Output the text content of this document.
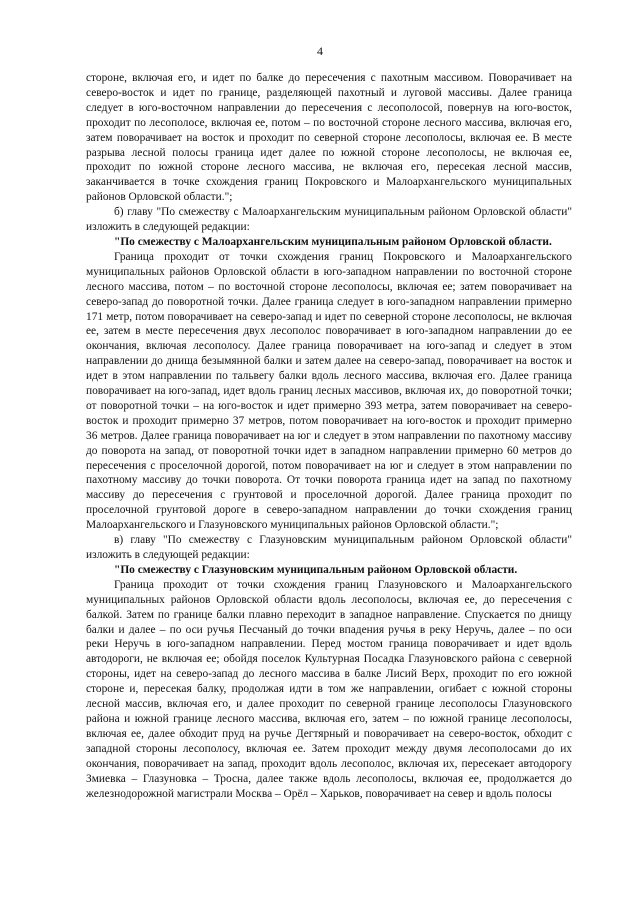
4

стороне, включая его, и идет по балке до пересечения с пахотным массивом. Поворачивает на северо-восток и идет по границе, разделяющей пахотный и луговой массивы. Далее граница следует в юго-восточном направлении до пересечения с лесополосой, повернув на юго-восток, проходит по лесополосе, включая ее, потом – по восточной стороне лесного массива, включая его, затем поворачивает на восток и проходит по северной стороне лесополосы, включая ее. В месте разрыва лесной полосы граница идет далее по южной стороне лесополосы, не включая ее, проходит по южной стороне лесного массива, не включая его, пересекая лесной массив, заканчивается в точке схождения границ Покровского и Малоархангельского муниципальных районов Орловской области.";

б) главу "По смежеству с Малоархангельским муниципальным районом Орловской области" изложить в следующей редакции:

"По смежеству с Малоархангельским муниципальным районом Орловской области.

Граница проходит от точки схождения границ Покровского и Малоархангельского муниципальных районов Орловской области в юго-западном направлении по восточной стороне лесного массива, потом – по восточной стороне лесополосы, включая ее; затем поворачивает на северо-запад до поворотной точки. Далее граница следует в юго-западном направлении примерно 171 метр, потом поворачивает на северо-запад и идет по северной стороне лесополосы, не включая ее, затем в месте пересечения двух лесополос поворачивает в юго-западном направлении до ее окончания, включая лесополосу. Далее граница поворачивает на юго-запад и следует в этом направлении до днища безымянной балки и затем далее на северо-запад, поворачивает на восток и идет в этом направлении по тальвегу балки вдоль лесного массива, включая его. Далее граница поворачивает на юго-запад, идет вдоль границ лесных массивов, включая их, до поворотной точки; от поворотной точки – на юго-восток и идет примерно 393 метра, затем поворачивает на северо-восток и проходит примерно 37 метров, потом поворачивает на юго-восток и проходит примерно 36 метров. Далее граница поворачивает на юг и следует в этом направлении по пахотному массиву до поворота на запад, от поворотной точки идет в западном направлении примерно 60 метров до пересечения с проселочной дорогой, потом поворачивает на юг и следует в этом направлении по пахотному массиву до точки поворота. От точки поворота граница идет на запад по пахотному массиву до пересечения с грунтовой и проселочной дорогой. Далее граница проходит по проселочной грунтовой дороге в северо-западном направлении до точки схождения границ Малоархангельского и Глазуновского муниципальных районов Орловской области.";

в) главу "По смежеству с Глазуновским муниципальным районом Орловской области" изложить в следующей редакции:

"По смежеству с Глазуновским муниципальным районом Орловской области.

Граница проходит от точки схождения границ Глазуновского и Малоархангельского муниципальных районов Орловской области вдоль лесополосы, включая ее, до пересечения с балкой. Затем по границе балки плавно переходит в западное направление. Спускается по днищу балки и далее – по оси ручья Песчаный до точки впадения ручья в реку Неручь, далее – по оси реки Неручь в юго-западном направлении. Перед мостом граница поворачивает и идет вдоль автодороги, не включая ее; обойдя поселок Культурная Посадка Глазуновского района с северной стороны, идет на северо-запад до лесного массива в балке Лисий Верх, проходит по его южной стороне и, пересекая балку, продолжая идти в том же направлении, огибает с южной стороны лесной массив, включая его, и далее проходит по северной границе лесополосы Глазуновского района и южной границе лесного массива, включая его, затем – по южной границе лесополосы, включая ее, далее обходит пруд на ручье Дегтярный и поворачивает на северо-восток, обходит с западной стороны лесополосу, включая ее. Затем проходит между двумя лесополосами до их окончания, поворачивает на запад, проходит вдоль лесополос, включая их, пересекает автодорогу Змиевка – Глазуновка – Тросна, далее также вдоль лесополосы, включая ее, продолжается до железнодорожной магистрали Москва – Орёл – Харьков, поворачивает на север и вдоль полосы
